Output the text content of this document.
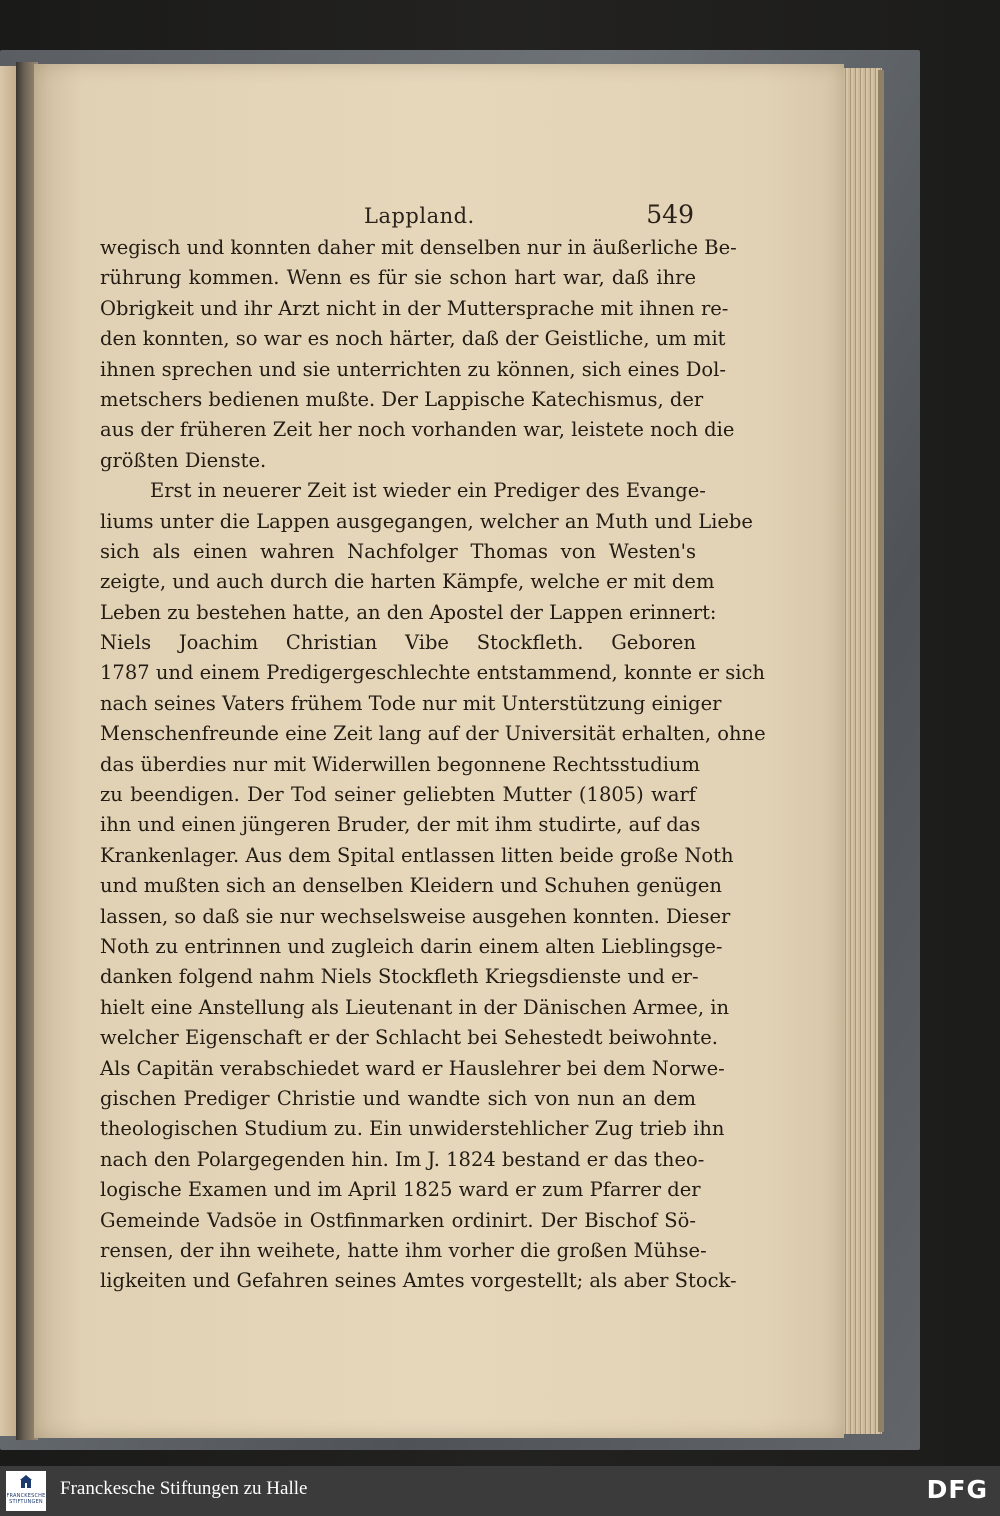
Lappland.	549
wegisch und konnten daher mit denselben nur in äußerliche Be-
rührung kommen. Wenn es für sie schon hart war, daß ihre
Obrigkeit und ihr Arzt nicht in der Muttersprache mit ihnen re-
den konnten, so war es noch härter, daß der Geistliche, um mit
ihnen sprechen und sie unterrichten zu können, sich eines Dol-
metschers bedienen mußte. Der Lappische Katechismus, der
aus der früheren Zeit her noch vorhanden war, leistete noch die
größten Dienste.
Erst in neuerer Zeit ist wieder ein Prediger des Evange-
liums unter die Lappen ausgegangen, welcher an Muth und Liebe
sich als einen wahren Nachfolger Thomas von Westen's
zeigte, und auch durch die harten Kämpfe, welche er mit dem
Leben zu bestehen hatte, an den Apostel der Lappen erinnert:
Niels Joachim Christian Vibe Stockfleth. Geboren
1787 und einem Predigergeschlechte entstammend, konnte er sich
nach seines Vaters frühem Tode nur mit Unterstützung einiger
Menschenfreunde eine Zeit lang auf der Universität erhalten, ohne
das überdies nur mit Widerwillen begonnene Rechtsstudium
zu beendigen. Der Tod seiner geliebten Mutter (1805) warf
ihn und einen jüngeren Bruder, der mit ihm studirte, auf das
Krankenlager. Aus dem Spital entlassen litten beide große Noth
und mußten sich an denselben Kleidern und Schuhen genügen
lassen, so daß sie nur wechselsweise ausgehen konnten. Dieser
Noth zu entrinnen und zugleich darin einem alten Lieblingsge-
danken folgend nahm Niels Stockfleth Kriegsdienste und er-
hielt eine Anstellung als Lieutenant in der Dänischen Armee, in
welcher Eigenschaft er der Schlacht bei Sehestedt beiwohnte.
Als Capitän verabschiedet ward er Hauslehrer bei dem Norwe-
gischen Prediger Christie und wandte sich von nun an dem
theologischen Studium zu. Ein unwiderstehlicher Zug trieb ihn
nach den Polargegenden hin. Im J. 1824 bestand er das theo-
logische Examen und im April 1825 ward er zum Pfarrer der
Gemeinde Vadsöe in Ostfinmarken ordinirt. Der Bischof Sö-
rensen, der ihn weihete, hatte ihm vorher die großen Mühse-
ligkeiten und Gefahren seines Amtes vorgestellt; als aber Stock-
FRANCKESCHE STIFTUNGEN
Franckesche Stiftungen zu Halle	DFG
